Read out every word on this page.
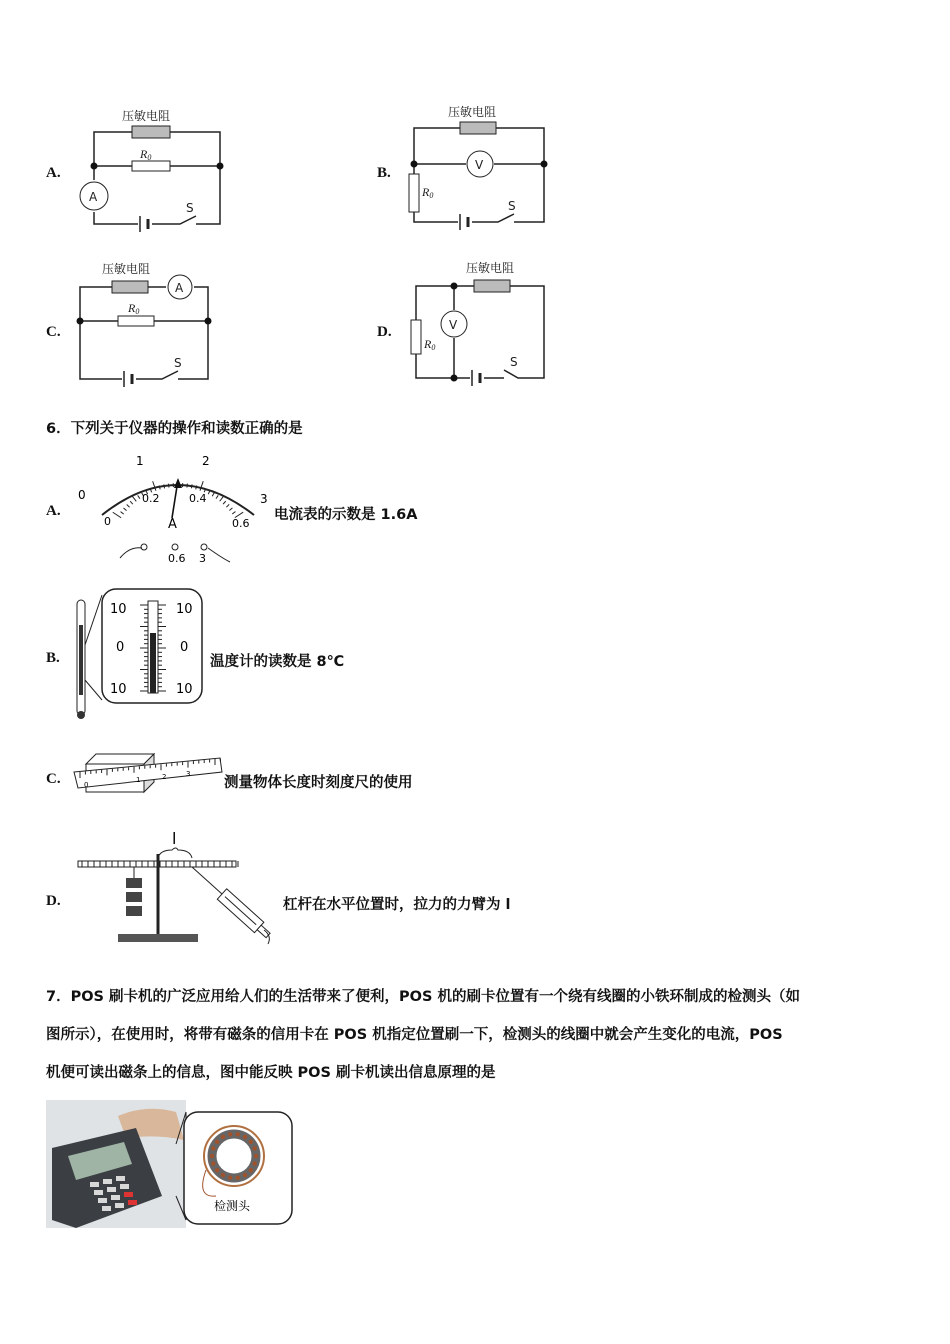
A.
压敏电阻
R0
A
S
B.
压敏电阻
V
R0
S
C.
压敏电阻
A
R0
S
D.
压敏电阻
V
R0
S
6．下列关于仪器的操作和读数正确的是
A.
0
1	2
3
0
0.2	0.4
0.6
A
0.6 3
电流表的示数是 1.6A
B.
10	10
0	0
10	10
温度计的读数是 8℃
C.	0
1	2	3
测量物体长度时刻度尺的使用
D.
l
杠杆在水平位置时，拉力的力臂为 l
7．POS 刷卡机的广泛应用给人们的生活带来了便利，POS 机的刷卡位置有一个绕有线圈的小铁环制成的检测头（如
图所示），在使用时，将带有磁条的信用卡在 POS 机指定位置刷一下，检测头的线圈中就会产生变化的电流，POS
机便可读出磁条上的信息，图中能反映 POS 刷卡机读出信息原理的是
检测头
